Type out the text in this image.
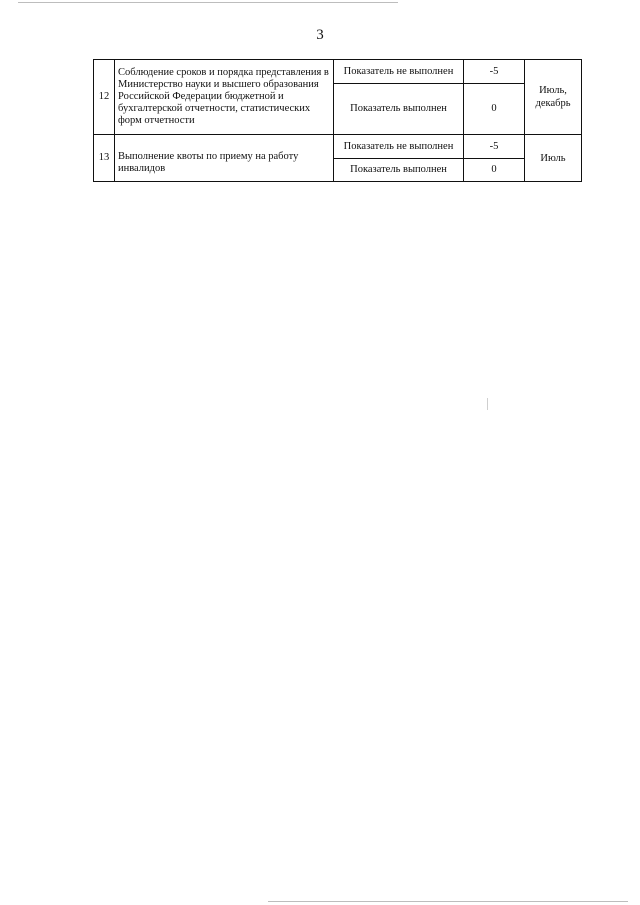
3
12	Соблюдение сроков и порядка представления в Министерство науки и высшего образования Российской Федерации бюджетной и бухгалтерской отчетности, статистических форм отчетности	Показатель не выполнен	-5	Июль, декабрь
		Показатель выполнен	0	
13	Выполнение квоты по приему на работу инвалидов	Показатель не выполнен	-5	Июль
		Показатель выполнен	0	
